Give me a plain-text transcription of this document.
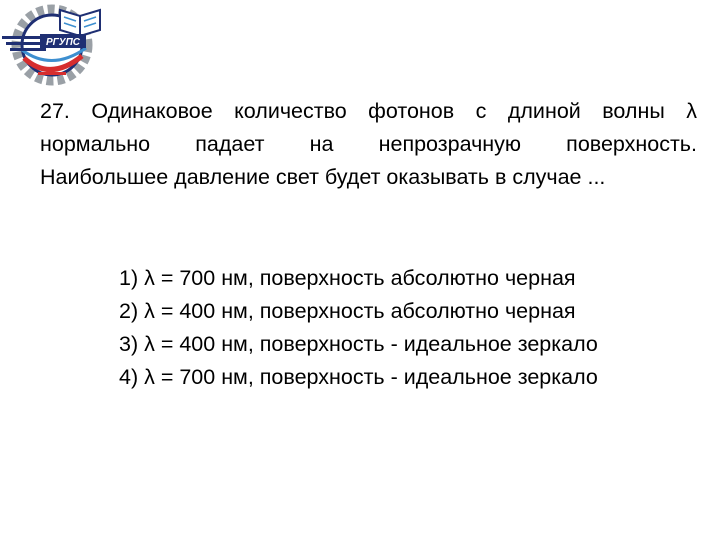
РГУПС
27. Одинаковое количество фотонов с длиной волны λ
нормально падает на непрозрачную поверхность.
Наибольшее давление свет будет оказывать в случае ...
1) λ = 700 нм, поверхность абсолютно черная
2) λ = 400 нм, поверхность абсолютно черная
3) λ = 400 нм, поверхность - идеальное зеркало
4) λ = 700 нм, поверхность - идеальное зеркало
